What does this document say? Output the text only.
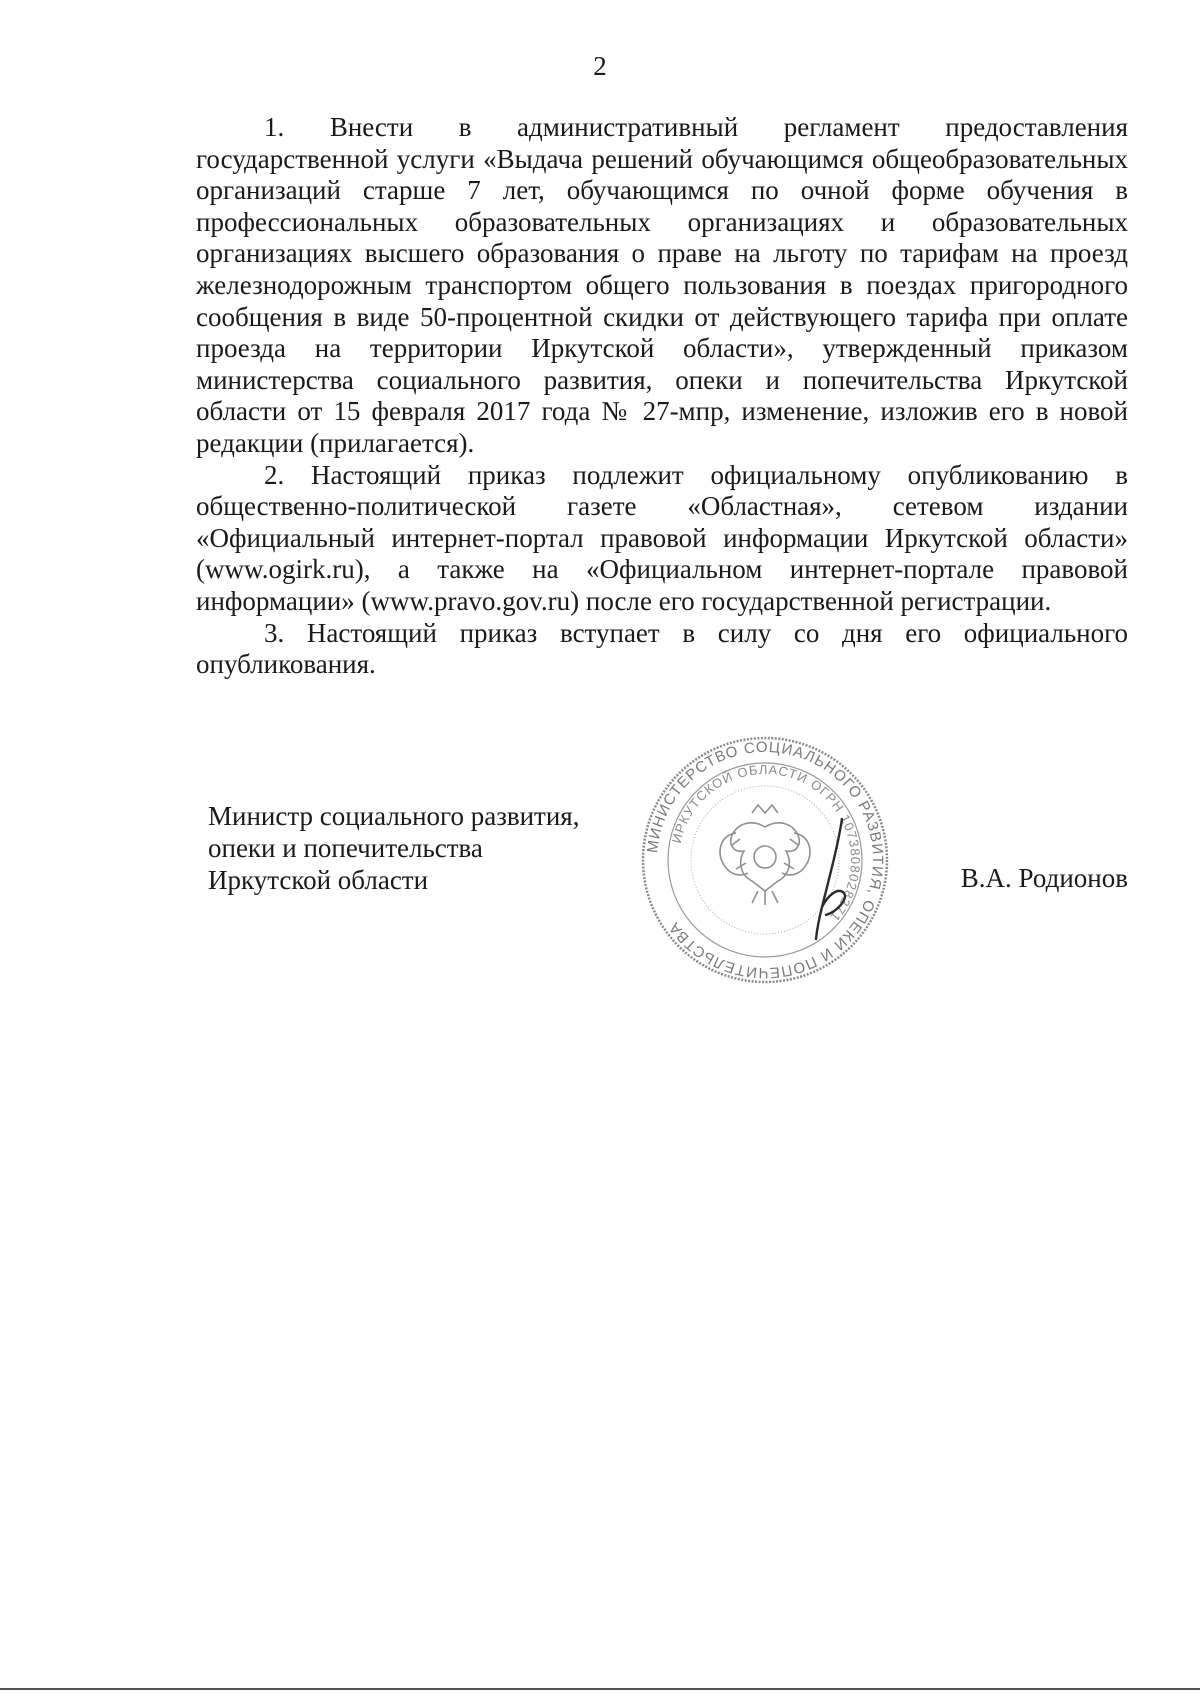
2

1. Внести в административный регламент предоставления государственной услуги «Выдача решений обучающимся общеобразовательных организаций старше 7 лет, обучающимся по очной форме обучения в профессиональных образовательных организациях и образовательных организациях высшего образования о праве на льготу по тарифам на проезд железнодорожным транспортом общего пользования в поездах пригородного сообщения в виде 50-процентной скидки от действующего тарифа при оплате проезда на территории Иркутской области», утвержденный приказом министерства социального развития, опеки и попечительства Иркутской области от 15 февраля 2017 года № 27-мпр, изменение, изложив его в новой редакции (прилагается).

2. Настоящий приказ подлежит официальному опубликованию в общественно-политической газете «Областная», сетевом издании «Официальный интернет-портал правовой информации Иркутской области» (www.ogirk.ru), а также на «Официальном интернет-портале правовой информации» (www.pravo.gov.ru) после его государственной регистрации.

3. Настоящий приказ вступает в силу со дня его официального опубликования.

Министр социального развития,
опеки и попечительства
Иркутской области
МИНИСТЕРСТВО СОЦИАЛЬНОГО РАЗВИТИЯ, ОПЕКИ И ПОПЕЧИТЕЛЬСТВА
ИРКУТСКОЙ ОБЛАСТИ ОГРН 1073808028271
В.А. Родионов
